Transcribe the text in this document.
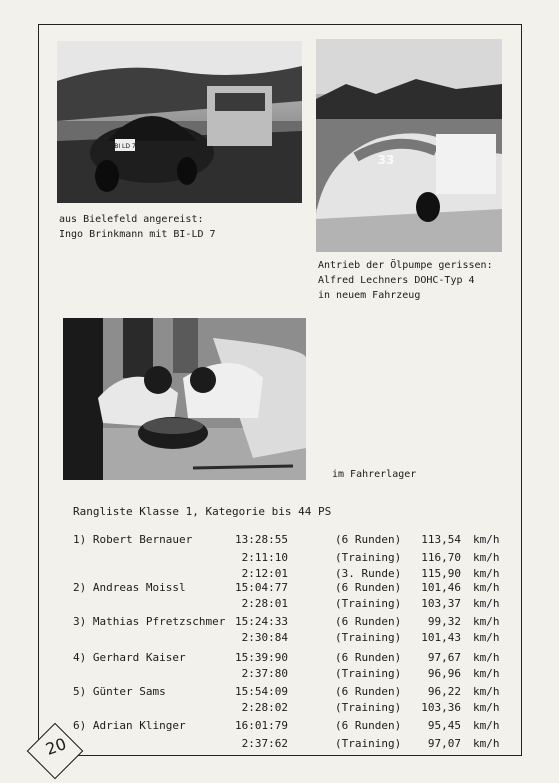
BI LD 7
33
aus Bielefeld angereist:
Ingo Brinkmann mit BI-LD 7
Antrieb der Ölpumpe gerissen:
Alfred Lechners DOHC-Typ 4
in neuem Fahrzeug
im Fahrerlager
Rangliste Klasse 1, Kategorie bis 44 PS
1) Robert Bernauer	13:28:55	(6 Runden) 113,54 km/h
2:11:10	(Training) 116,70 km/h
2:12:01	(3. Runde) 115,90 km/h
2) Andreas Moissl	15:04:77	(6 Runden) 101,46 km/h
2:28:01	(Training) 103,37 km/h
3) Mathias Pfretzschmer 15:24:33	(6 Runden) 99,32 km/h
2:30:84	(Training) 101,43 km/h
4) Gerhard Kaiser	15:39:90	(6 Runden) 97,67 km/h
2:37:80	(Training) 96,96 km/h
5) Günter Sams	15:54:09	(6 Runden) 96,22 km/h
2:28:02	(Training) 103,36 km/h
6) Adrian Klinger	16:01:79	(6 Runden) 95,45 km/h
2:37:62	(Training) 97,07 km/h
20
